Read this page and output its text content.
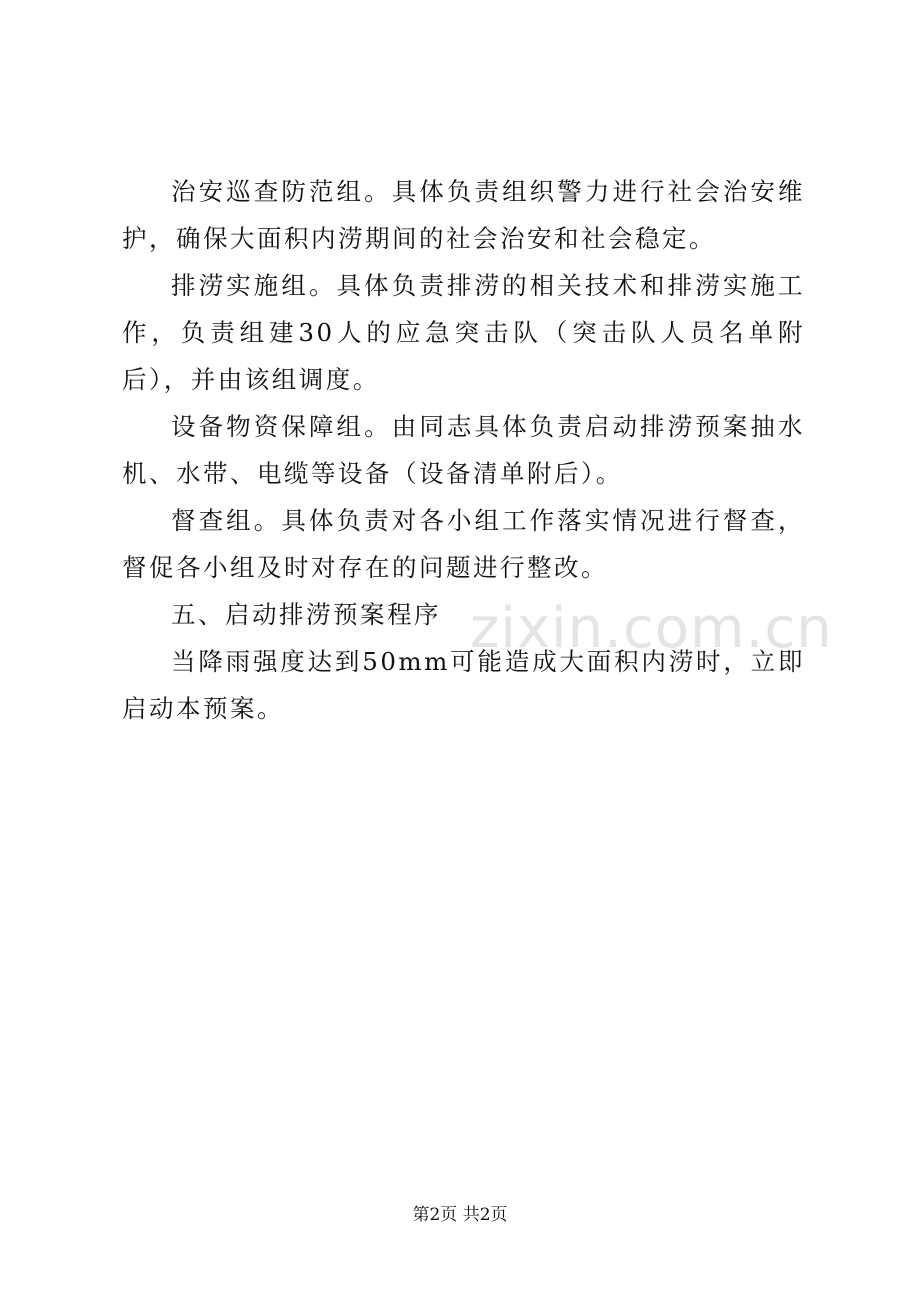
zixin.com.cn

治安巡查防范组。具体负责组织警力进行社会治安维护，确保大面积内涝期间的社会治安和社会稳定。

排涝实施组。具体负责排涝的相关技术和排涝实施工作，负责组建30人的应急突击队（突击队人员名单附后），并由该组调度。

设备物资保障组。由同志具体负责启动排涝预案抽水机、水带、电缆等设备（设备清单附后）。

督查组。具体负责对各小组工作落实情况进行督查，督促各小组及时对存在的问题进行整改。

五、启动排涝预案程序

当降雨强度达到50mm可能造成大面积内涝时，立即启动本预案。

第2页 共2页
